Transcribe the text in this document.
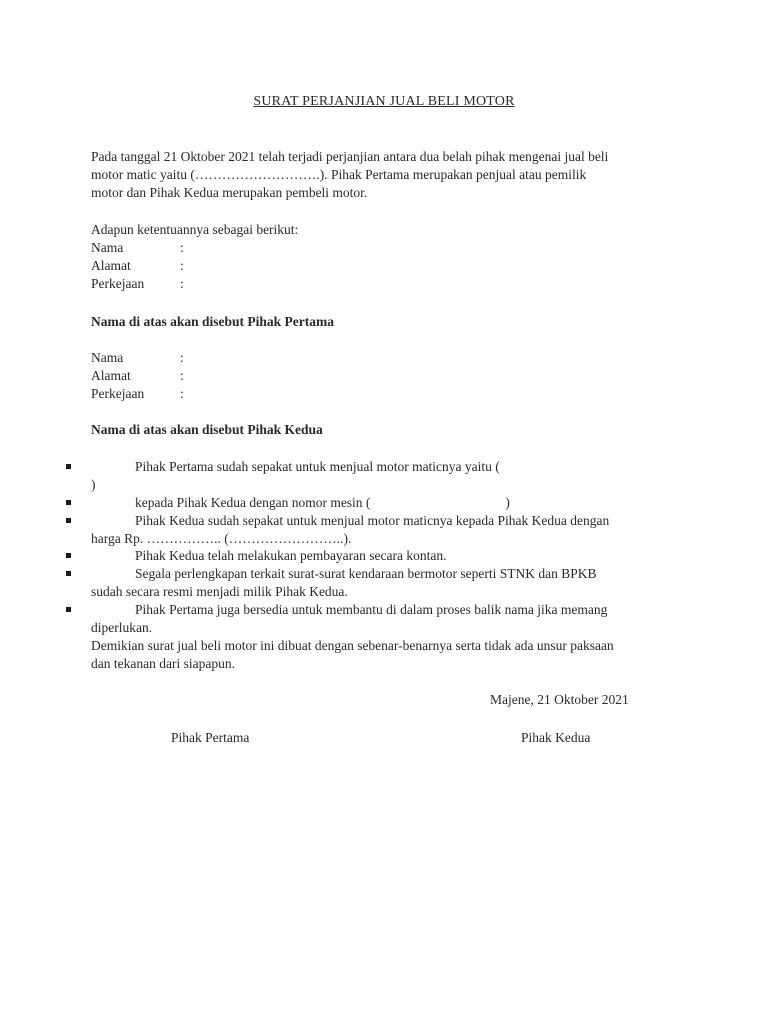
SURAT PERJANJIAN JUAL BELI MOTOR
Pada tanggal 21 Oktober 2021 telah terjadi perjanjian antara dua belah pihak mengenai jual beli
motor matic yaitu (……………………….). Pihak Pertama merupakan penjual atau pemilik
motor dan Pihak Kedua merupakan pembeli motor.
Adapun ketentuannya sebagai berikut:
Nama	:
Alamat	:
Perkejaan	:
Nama di atas akan disebut Pihak Pertama
Nama	:
Alamat	:
Perkejaan	:
Nama di atas akan disebut Pihak Kedua
Pihak Pertama sudah sepakat untuk menjual motor maticnya yaitu (
)
kepada Pihak Kedua dengan nomor mesin (                                        )
Pihak Kedua sudah sepakat untuk menjual motor maticnya kepada Pihak Kedua dengan
harga Rp. …………….. (……………………..).
Pihak Kedua telah melakukan pembayaran secara kontan.
Segala perlengkapan terkait surat-surat kendaraan bermotor seperti STNK dan BPKB
sudah secara resmi menjadi milik Pihak Kedua.
Pihak Pertama juga bersedia untuk membantu di dalam proses balik nama jika memang
diperlukan.
Demikian surat jual beli motor ini dibuat dengan sebenar-benarnya serta tidak ada unsur paksaan
dan tekanan dari siapapun.
Majene, 21 Oktober 2021
Pihak Pertama	Pihak Kedua
